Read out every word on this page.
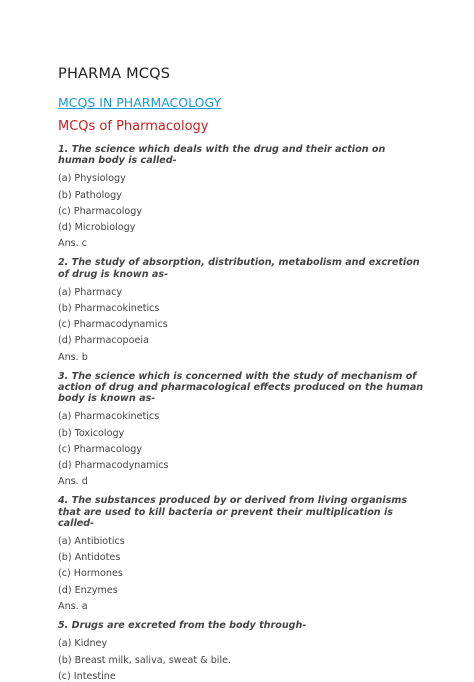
PHARMA MCQS
MCQS IN PHARMACOLOGY
MCQs of Pharmacology
1. The science which deals with the drug and their action on human body is called-
(a) Physiology
(b) Pathology
(c) Pharmacology
(d) Microbiology
Ans. c
2. The study of absorption, distribution, metabolism and excretion of drug is known as-
(a) Pharmacy
(b) Pharmacokinetics
(c) Pharmacodynamics
(d) Pharmacopoeia
Ans. b
3. The science which is concerned with the study of mechanism of action of drug and pharmacological effects produced on the human body is known as-
(a) Pharmacokinetics
(b) Toxicology
(c) Pharmacology
(d) Pharmacodynamics
Ans. d
4. The substances produced by or derived from living organisms that are used to kill bacteria or prevent their multiplication is called-
(a) Antibiotics
(b) Antidotes
(c) Hormones
(d) Enzymes
Ans. a
5. Drugs are excreted from the body through-
(a) Kidney
(b) Breast milk, saliva, sweat & bile.
(c) Intestine
